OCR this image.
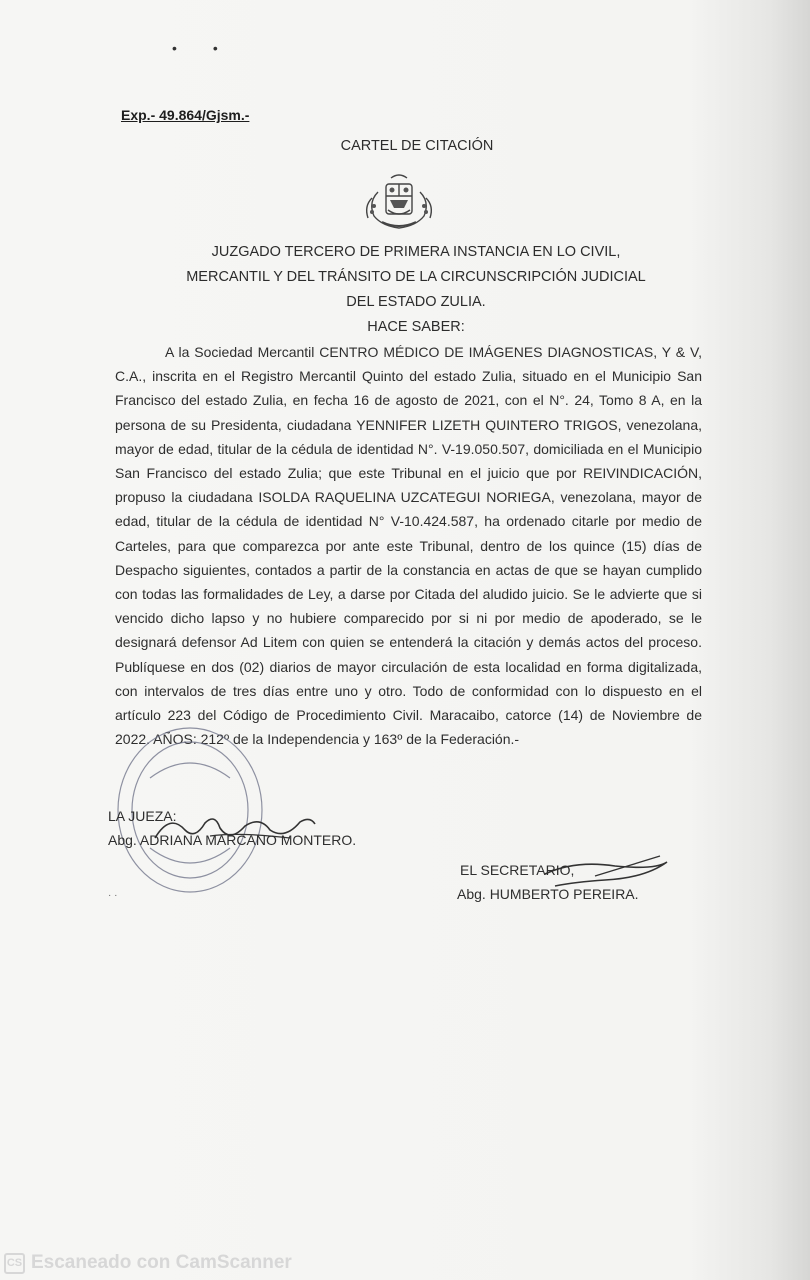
••
Exp.- 49.864/Gjsm.-
CARTEL DE CITACIÓN
JUZGADO TERCERO DE PRIMERA INSTANCIA EN LO CIVIL,
MERCANTIL Y DEL TRÁNSITO DE LA CIRCUNSCRIPCIÓN JUDICIAL
DEL ESTADO ZULIA.
HACE SABER:
A la Sociedad Mercantil CENTRO MÉDICO DE IMÁGENES DIAGNOSTICAS, Y & V, C.A., inscrita en el Registro Mercantil Quinto del estado Zulia, situado en el Municipio San Francisco del estado Zulia, en fecha 16 de agosto de 2021, con el N°. 24, Tomo 8 A, en la persona de su Presidenta, ciudadana YENNIFER LIZETH QUINTERO TRIGOS, venezolana, mayor de edad, titular de la cédula de identidad N°. V-19.050.507, domiciliada en el Municipio San Francisco del estado Zulia; que este Tribunal en el juicio que por REIVINDICACIÓN, propuso la ciudadana ISOLDA RAQUELINA UZCATEGUI NORIEGA, venezolana, mayor de edad, titular de la cédula de identidad N° V-10.424.587, ha ordenado citarle por medio de Carteles, para que comparezca por ante este Tribunal, dentro de los quince (15) días de Despacho siguientes, contados a partir de la constancia en actas de que se hayan cumplido con todas las formalidades de Ley, a darse por Citada del aludido juicio. Se le advierte que si vencido dicho lapso y no hubiere comparecido por si ni por medio de apoderado, se le designará defensor Ad Litem con quien se entenderá la citación y demás actos del proceso. Publíquese en dos (02) diarios de mayor circulación de esta localidad en forma digitalizada, con intervalos de tres días entre uno y otro. Todo de conformidad con lo dispuesto en el artículo 223 del Código de Procedimiento Civil. Maracaibo, catorce (14) de Noviembre de 2022. AÑOS: 212º de la Independencia y 163º de la Federación.-
LA JUEZA:
Abg. ADRIANA MARCANO MONTERO.
EL SECRETARIO,
Abg. HUMBERTO PEREIRA.
· ·
CS Escaneado con CamScanner
